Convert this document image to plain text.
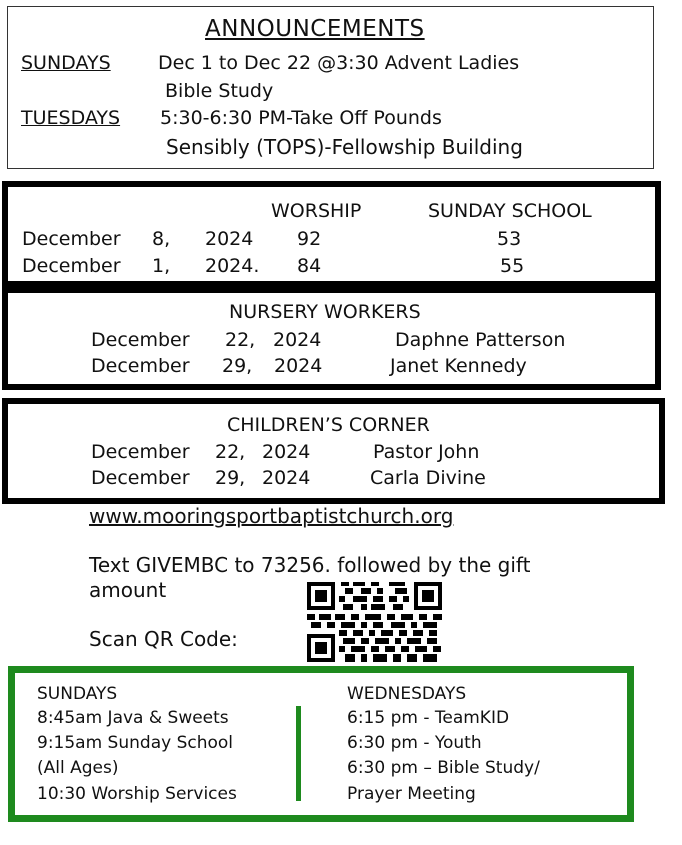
ANNOUNCEMENTS
SUNDAYS Dec 1 to Dec 22 @3:30 Advent Ladies
Bible Study
TUESDAYS 5:30-6:30 PM-Take Off Pounds
Sensibly (TOPS)-Fellowship Building
WORSHIP	SUNDAY SCHOOL
December 8, 2024 92	53
December 1, 2024. 84	55
NURSERY WORKERS
December 22, 2024	Daphne Patterson
December 29, 2024	Janet Kennedy
CHILDREN’S CORNER
December 22, 2024	Pastor John
December 29, 2024	Carla Divine
www.mooringsportbaptistchurch.org
Text GIVEMBC to 73256. followed by the gift
amount
Scan QR Code:
SUNDAYS
8:45am Java & Sweets
9:15am Sunday School
(All Ages)
10:30 Worship Services
WEDNESDAYS
6:15 pm - TeamKID
6:30 pm - Youth
6:30 pm – Bible Study/
Prayer Meeting
